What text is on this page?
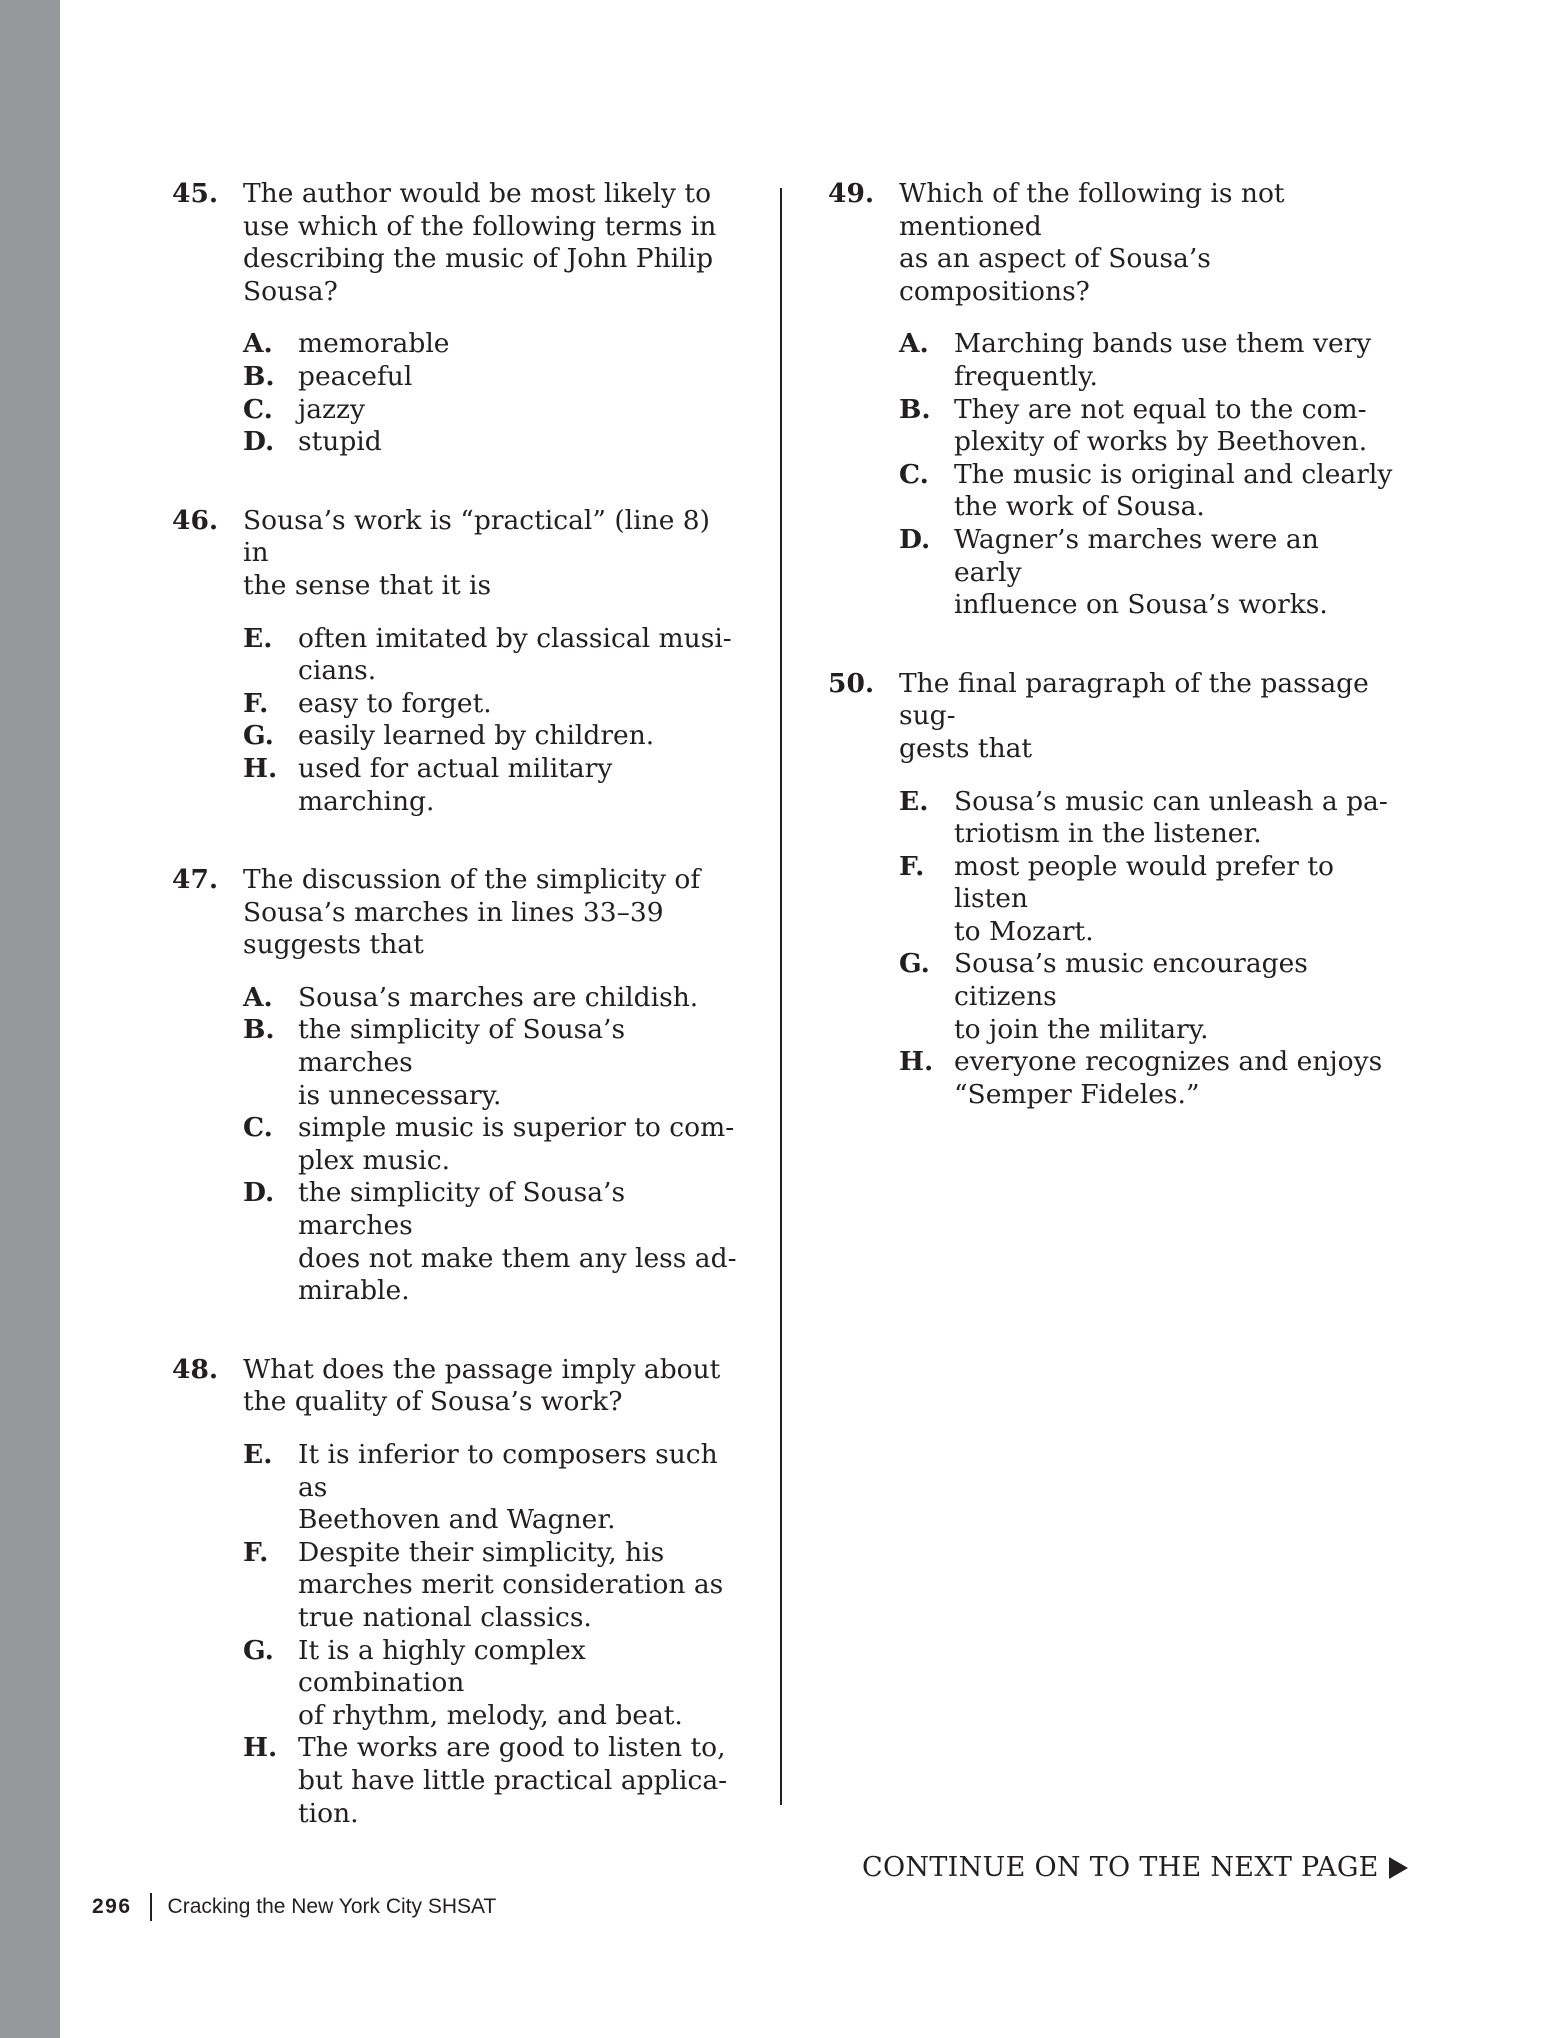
45. The author would be most likely to
use which of the following terms in
describing the music of John Philip
Sousa?
A. memorable
B. peaceful
C. jazzy
D. stupid
46. Sousa’s work is “practical” (line 8) in
the sense that it is
E. often imitated by classical musi-
cians.
F.	easy to forget.
G. easily learned by children.
H. used for actual military marching.
47. The discussion of the simplicity of
Sousa’s marches in lines 33–39
suggests that
A. Sousa’s marches are childish.
B. the simplicity of Sousa’s marches
is unnecessary.
C. simple music is superior to com-
plex music.
D. the simplicity of Sousa’s marches
does not make them any less ad-
mirable.
48. What does the passage imply about
the quality of Sousa’s work?
E. It is inferior to composers such as
Beethoven and Wagner.
F.	Despite their simplicity, his
marches merit consideration as
true national classics.
G. It is a highly complex combination
of rhythm, melody, and beat.
H. The works are good to listen to,
but have little practical applica-
tion.
49. Which of the following is not mentioned
as an aspect of Sousa’s compositions?
A. Marching bands use them very
frequently.
B. They are not equal to the com-
plexity of works by Beethoven.
C. The music is original and clearly
the work of Sousa.
D. Wagner’s marches were an early
influence on Sousa’s works.
50. The final paragraph of the passage sug-
gests that
E. Sousa’s music can unleash a pa-
triotism in the listener.
F.	most people would prefer to listen
to Mozart.
G. Sousa’s music encourages citizens
to join the military.
H. everyone recognizes and enjoys
“Semper Fideles.”
CONTINUE ON TO THE NEXT PAGE
296 Cracking the New York City SHSAT
